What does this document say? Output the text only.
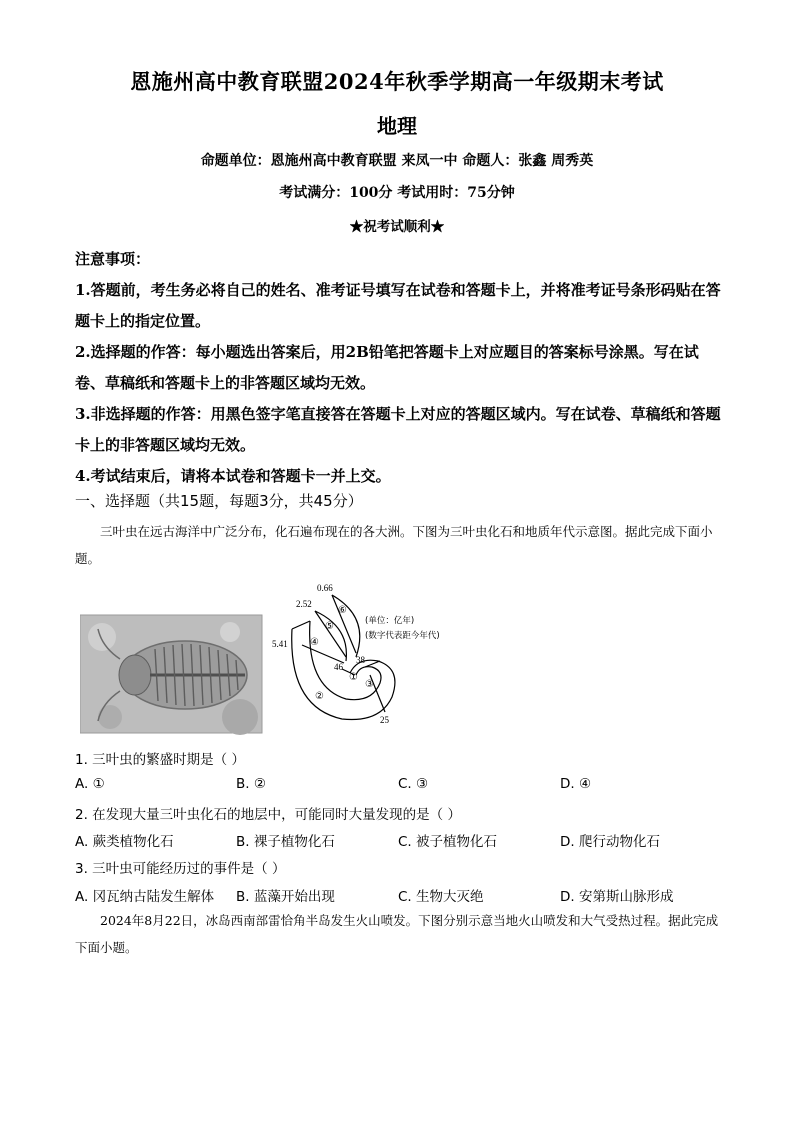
恩施州高中教育联盟2024年秋季学期高一年级期末考试
地理
命题单位：恩施州高中教育联盟 来凤一中 命题人：张鑫 周秀英
考试满分：100分 考试用时：75分钟
★祝考试顺利★

注意事项：

1.答题前，考生务必将自己的姓名、准考证号填写在试卷和答题卡上，并将准考证号条形码贴在答题卡上的指定位置。

2.选择题的作答：每小题选出答案后，用2B铅笔把答题卡上对应题目的答案标号涂黑。写在试卷、草稿纸和答题卡上的非答题区域均无效。

3.非选择题的作答：用黑色签字笔直接答在答题卡上对应的答题区域内。写在试卷、草稿纸和答题卡上的非答题区域均无效。

4.考试结束后，请将本试卷和答题卡一并上交。

一、选择题（共15题，每题3分，共45分）
三叶虫在远古海洋中广泛分布，化石遍布现在的各大洲。下图为三叶虫化石和地质年代示意图。据此完成下面小题。
0.66
2.52
5.41
46
38
25
①
②
③
④
⑤
⑥
(单位：亿年)
(数字代表距今年代)
1. 三叶虫的繁盛时期是（ ）
A. ①	B. ②	C. ③	D. ④
2. 在发现大量三叶虫化石的地层中，可能同时大量发现的是（ ）
A. 蕨类植物化石	B. 裸子植物化石	C. 被子植物化石	D. 爬行动物化石
3. 三叶虫可能经历过的事件是（ ）
A. 冈瓦纳古陆发生解体 B. 蓝藻开始出现	C. 生物大灭绝	D. 安第斯山脉形成
2024年8月22日，冰岛西南部雷恰角半岛发生火山喷发。下图分别示意当地火山喷发和大气受热过程。据此完成下面小题。
